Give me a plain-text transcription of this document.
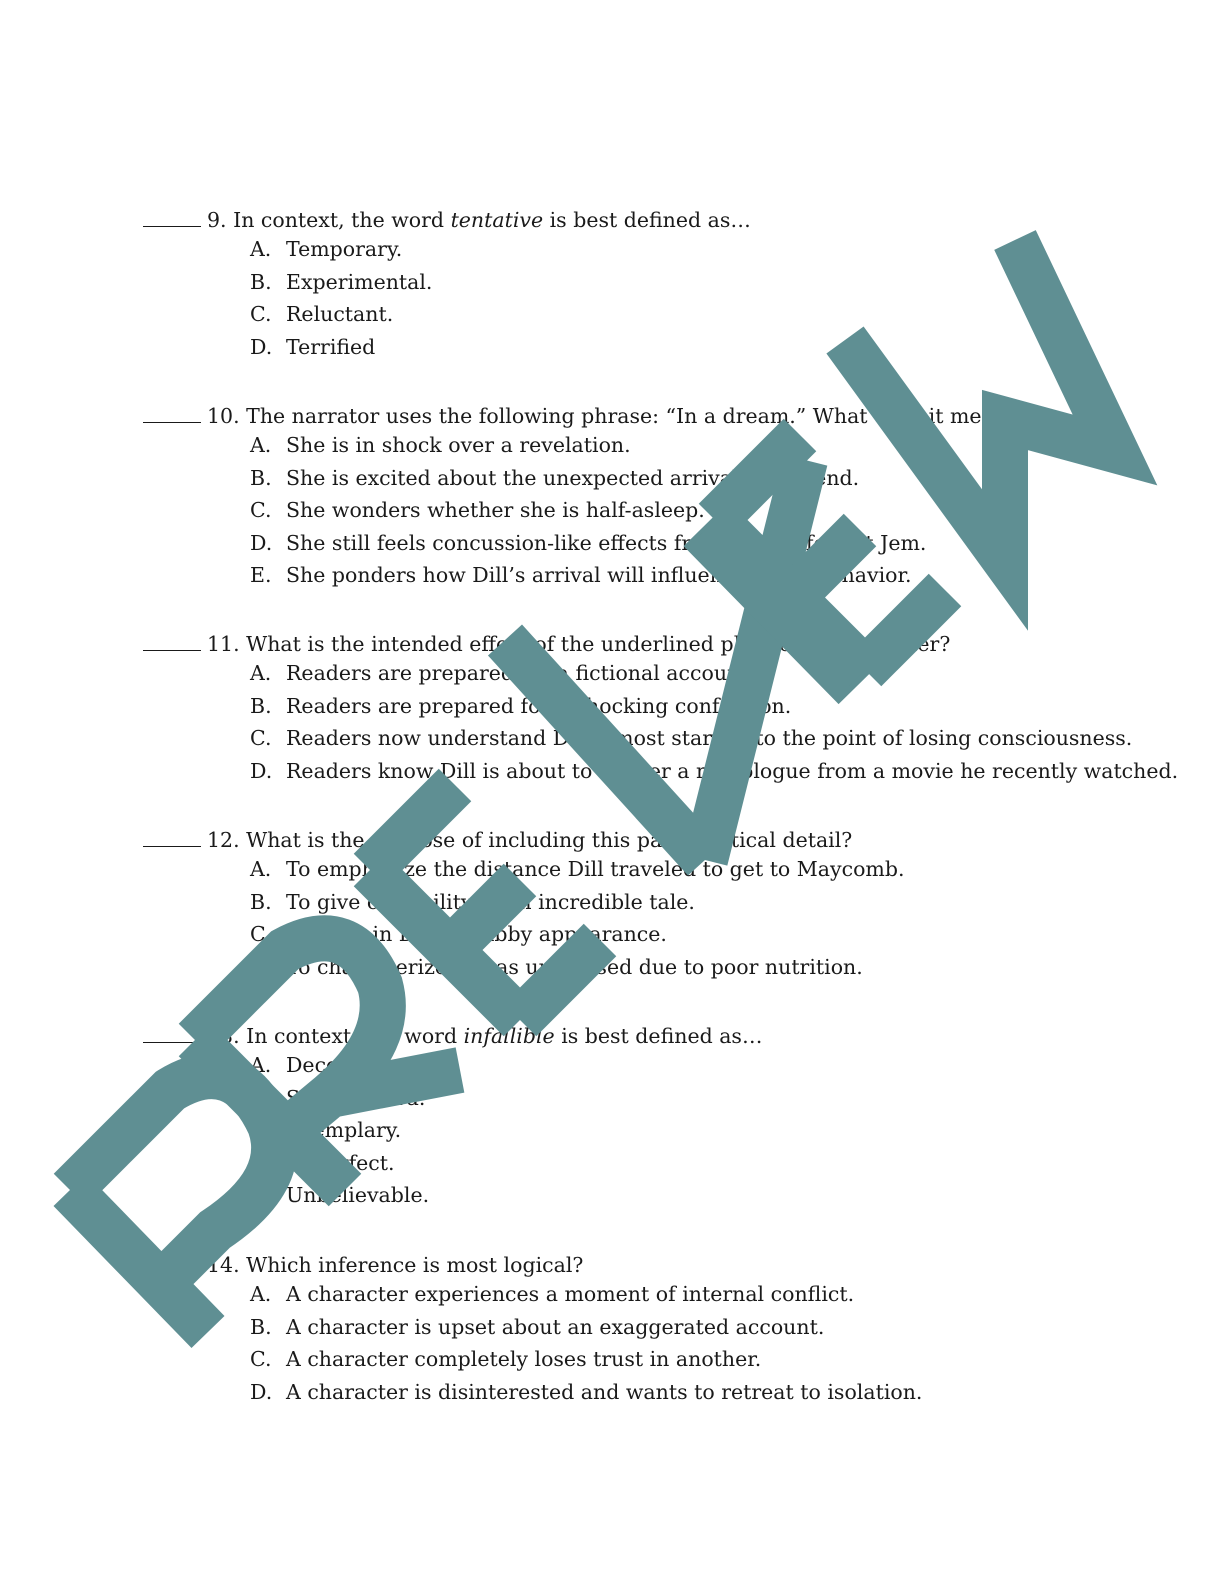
9. In context, the word tentative is best defined as…
A. Temporary.
B. Experimental.
C. Reluctant.
D. Terrified
10. The narrator uses the following phrase: “In a dream.” What does it mean?
A. She is in shock over a revelation.
B. She is excited about the unexpected arrival of a friend.
C. She wonders whether she is half-asleep.
D. She still feels concussion-like effects from having fought Jem.
E. She ponders how Dill’s arrival will influence Jem’s behavior.
11. What is the intended effect of the underlined phrase on the reader?
A. Readers are prepared for a fictional account.
B. Readers are prepared for a shocking confession.
C. Readers now understand Dill almost starved to the point of losing consciousness.
D. Readers know Dill is about to deliver a monologue from a movie he recently watched.
12. What is the purpose of including this parenthetical detail?
A. To emphasize the distance Dill traveled to get to Maycomb.
B. To give credibility to an incredible tale.
C. To explain Dill’s shabby appearance.
D. To characterize Dill as unfocused due to poor nutrition.
13. In context, the word infallible is best defined as…
A. Deceptive.
B. Substandard.
C. Exemplary.
D. Imperfect.
E. Unbelievable.
14. Which inference is most logical?
A. A character experiences a moment of internal conflict.
B. A character is upset about an exaggerated account.
C. A character completely loses trust in another.
D. A character is disinterested and wants to retreat to isolation.
